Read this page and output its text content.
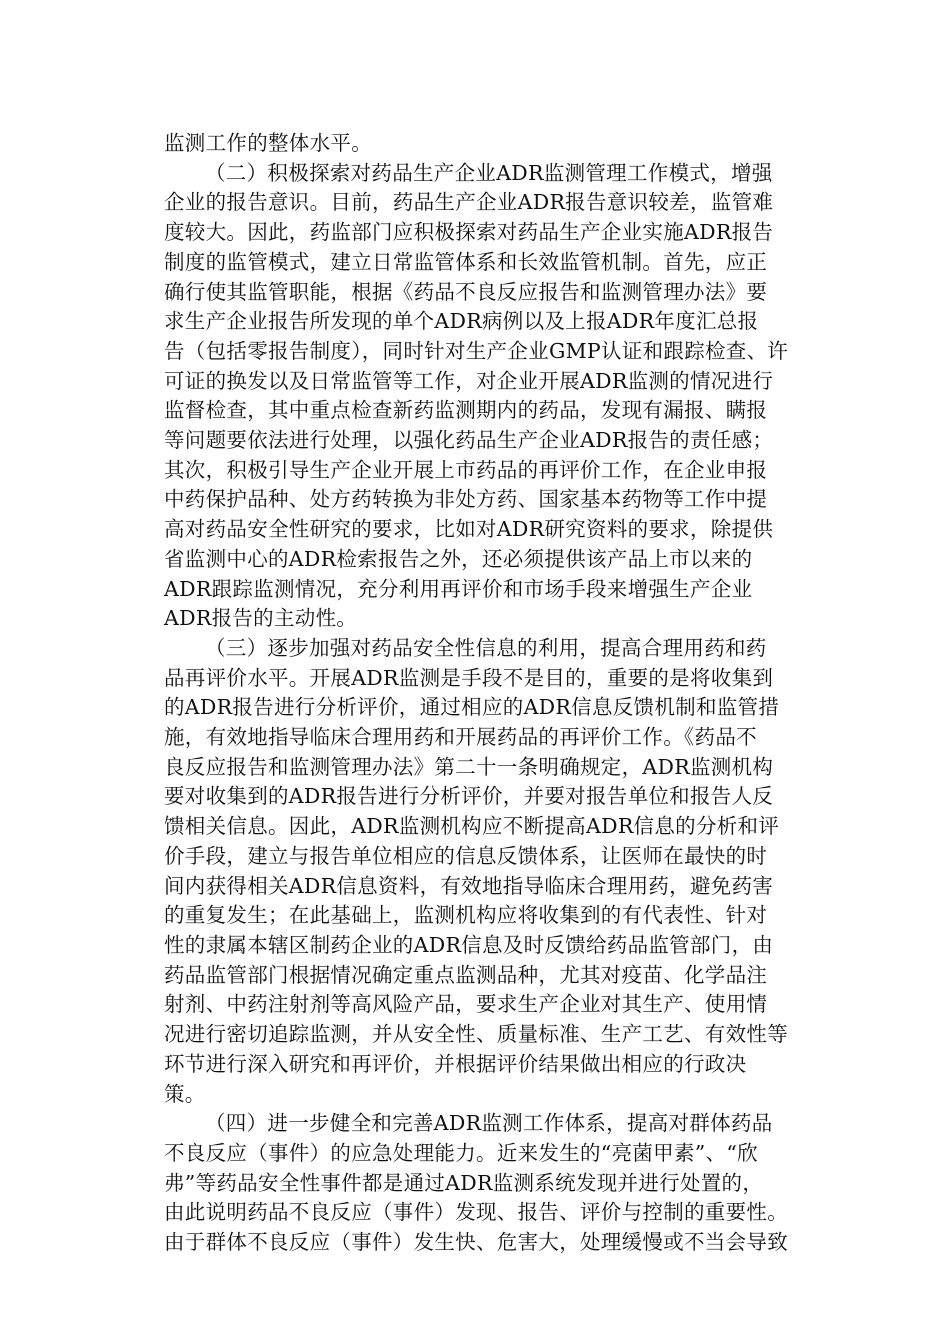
监测工作的整体水平。
（二）积极探索对药品生产企业ADR监测管理工作模式，增强
企业的报告意识。目前，药品生产企业ADR报告意识较差，监管难
度较大。因此，药监部门应积极探索对药品生产企业实施ADR报告
制度的监管模式，建立日常监管体系和长效监管机制。首先，应正
确行使其监管职能，根据《药品不良反应报告和监测管理办法》要
求生产企业报告所发现的单个ADR病例以及上报ADR年度汇总报
告（包括零报告制度），同时针对生产企业GMP认证和跟踪检查、许
可证的换发以及日常监管等工作，对企业开展ADR监测的情况进行
监督检查，其中重点检查新药监测期内的药品，发现有漏报、瞒报
等问题要依法进行处理，以强化药品生产企业ADR报告的责任感；
其次，积极引导生产企业开展上市药品的再评价工作，在企业申报
中药保护品种、处方药转换为非处方药、国家基本药物等工作中提
高对药品安全性研究的要求，比如对ADR研究资料的要求，除提供
省监测中心的ADR检索报告之外，还必须提供该产品上市以来的
ADR跟踪监测情况，充分利用再评价和市场手段来增强生产企业
ADR报告的主动性。
（三）逐步加强对药品安全性信息的利用，提高合理用药和药
品再评价水平。开展ADR监测是手段不是目的，重要的是将收集到
的ADR报告进行分析评价，通过相应的ADR信息反馈机制和监管措
施，有效地指导临床合理用药和开展药品的再评价工作。《药品不
良反应报告和监测管理办法》第二十一条明确规定，ADR监测机构
要对收集到的ADR报告进行分析评价，并要对报告单位和报告人反
馈相关信息。因此，ADR监测机构应不断提高ADR信息的分析和评
价手段，建立与报告单位相应的信息反馈体系，让医师在最快的时
间内获得相关ADR信息资料，有效地指导临床合理用药，避免药害
的重复发生；在此基础上，监测机构应将收集到的有代表性、针对
性的隶属本辖区制药企业的ADR信息及时反馈给药品监管部门，由
药品监管部门根据情况确定重点监测品种，尤其对疫苗、化学品注
射剂、中药注射剂等高风险产品，要求生产企业对其生产、使用情
况进行密切追踪监测，并从安全性、质量标准、生产工艺、有效性等
环节进行深入研究和再评价，并根据评价结果做出相应的行政决
策。
（四）进一步健全和完善ADR监测工作体系，提高对群体药品
不良反应（事件）的应急处理能力。近来发生的“亮菌甲素”、“欣
弗”等药品安全性事件都是通过ADR监测系统发现并进行处置的，
由此说明药品不良反应（事件）发现、报告、评价与控制的重要性。
由于群体不良反应（事件）发生快、危害大，处理缓慢或不当会导致
